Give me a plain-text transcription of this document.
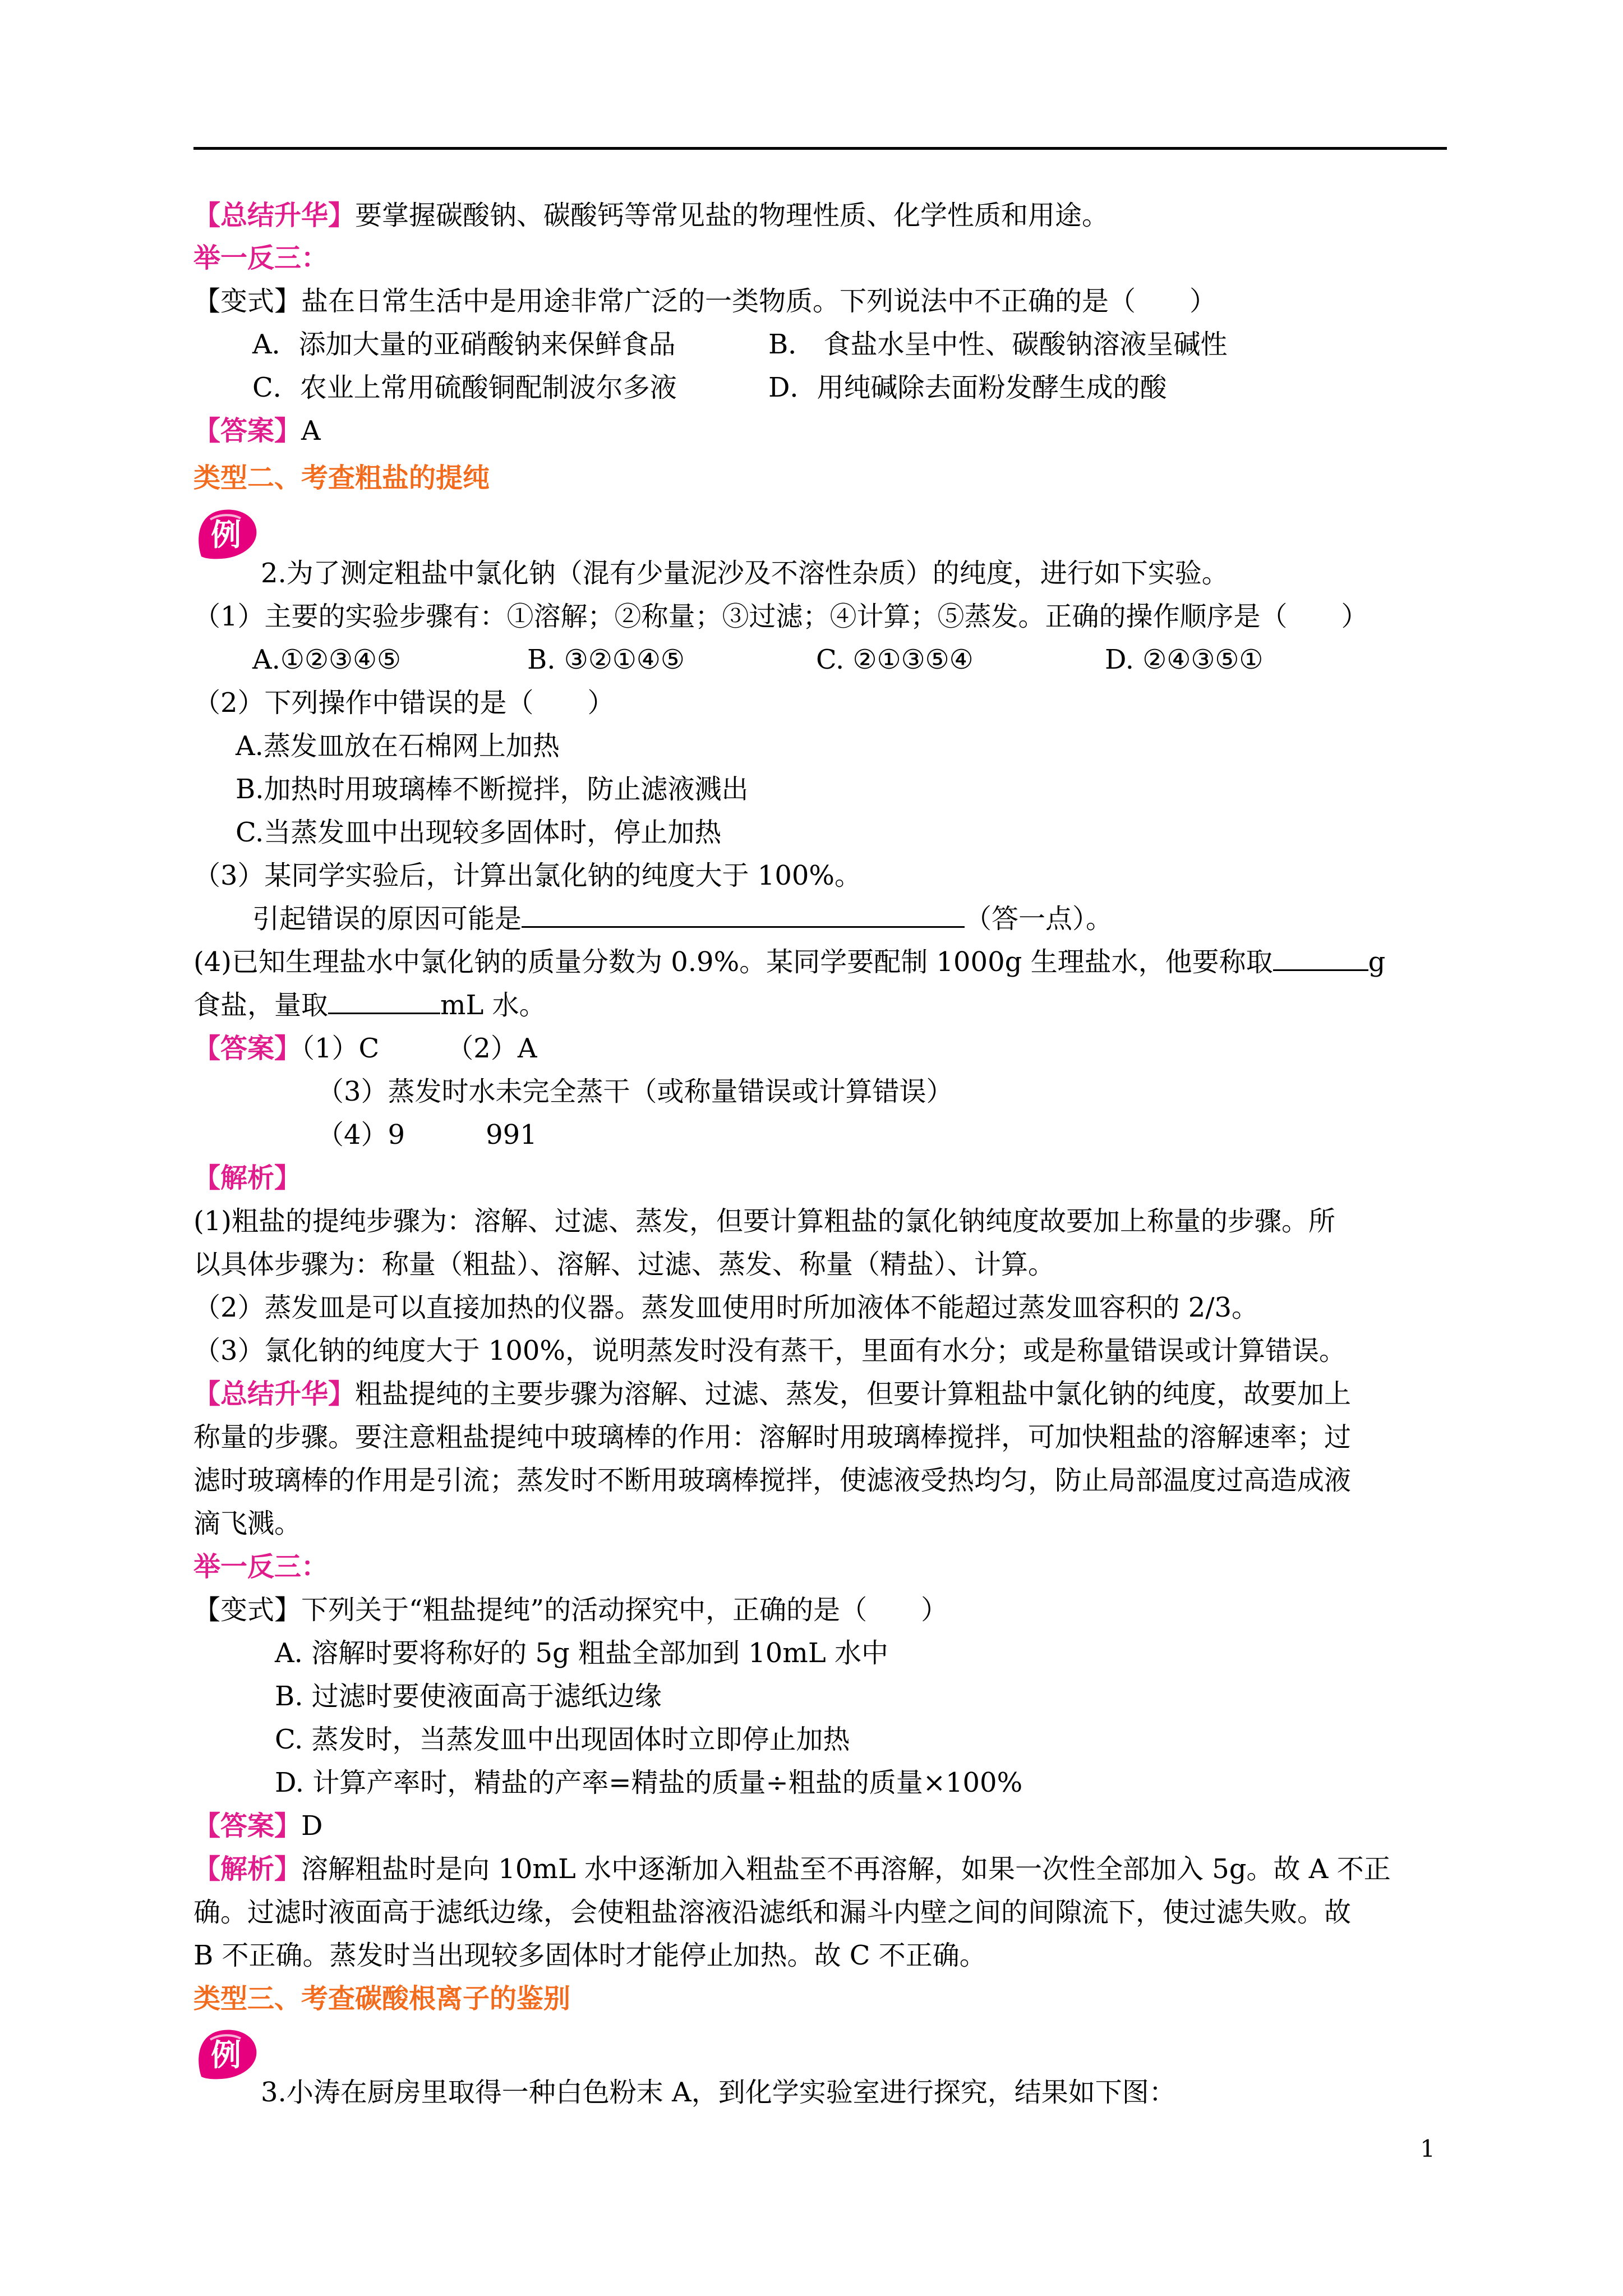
【总结升华】要掌握碳酸钠、碳酸钙等常见盐的物理性质、化学性质和用途。
举一反三：
【变式】盐在日常生活中是用途非常广泛的一类物质。下列说法中不正确的是（　　）
A．添加大量的亚硝酸钠来保鲜食品	B． 食盐水呈中性、碳酸钠溶液呈碱性
C．农业上常用硫酸铜配制波尔多液	D．用纯碱除去面粉发酵生成的酸
【答案】A
类型二、考查粗盐的提纯
例
2.为了测定粗盐中氯化钠（混有少量泥沙及不溶性杂质）的纯度，进行如下实验。
（1）主要的实验步骤有：①溶解；②称量；③过滤；④计算；⑤蒸发。正确的操作顺序是（　　）
A.①②③④⑤	B. ③②①④⑤	C. ②①③⑤④	D. ②④③⑤①
（2）下列操作中错误的是（　　）
A.蒸发皿放在石棉网上加热
B.加热时用玻璃棒不断搅拌，防止滤液溅出
C.当蒸发皿中出现较多固体时，停止加热
（3）某同学实验后，计算出氯化钠的纯度大于 100%。
引起错误的原因可能是	（答一点）。
(4)已知生理盐水中氯化钠的质量分数为 0.9%。某同学要配制 1000g 生理盐水，他要称取	g
食盐，量取	mL 水。
【答案】（1）C　　　（2）A
（3）蒸发时水未完全蒸干（或称量错误或计算错误）
（4）9　　　991
【解析】
(1)粗盐的提纯步骤为：溶解、过滤、蒸发，但要计算粗盐的氯化钠纯度故要加上称量的步骤。所
以具体步骤为：称量（粗盐）、溶解、过滤、蒸发、称量（精盐）、计算。
（2）蒸发皿是可以直接加热的仪器。蒸发皿使用时所加液体不能超过蒸发皿容积的 2/3。
（3）氯化钠的纯度大于 100%，说明蒸发时没有蒸干，里面有水分；或是称量错误或计算错误。
【总结升华】粗盐提纯的主要步骤为溶解、过滤、蒸发，但要计算粗盐中氯化钠的纯度，故要加上
称量的步骤。要注意粗盐提纯中玻璃棒的作用：溶解时用玻璃棒搅拌，可加快粗盐的溶解速率；过
滤时玻璃棒的作用是引流；蒸发时不断用玻璃棒搅拌，使滤液受热均匀，防止局部温度过高造成液
滴飞溅。
举一反三：
【变式】下列关于“粗盐提纯”的活动探究中，正确的是（　　）
A. 溶解时要将称好的 5g 粗盐全部加到 10mL 水中
B. 过滤时要使液面高于滤纸边缘
C. 蒸发时，当蒸发皿中出现固体时立即停止加热
D. 计算产率时，精盐的产率=精盐的质量÷粗盐的质量×100%
【答案】D
【解析】溶解粗盐时是向 10mL 水中逐渐加入粗盐至不再溶解，如果一次性全部加入 5g。故 A 不正
确。过滤时液面高于滤纸边缘，会使粗盐溶液沿滤纸和漏斗内壁之间的间隙流下，使过滤失败。故
B 不正确。蒸发时当出现较多固体时才能停止加热。故 C 不正确。
类型三、考查碳酸根离子的鉴别
例
3.小涛在厨房里取得一种白色粉末 A，到化学实验室进行探究，结果如下图：
1
